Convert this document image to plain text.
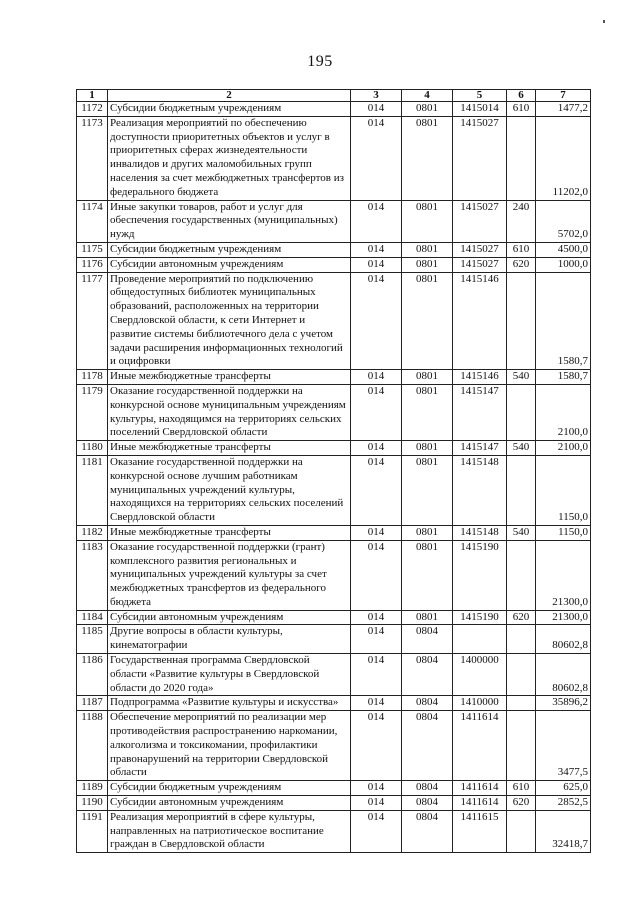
195
1	2	3	4	5	6	7
1172	Субсидии бюджетным учреждениям	014	0801	1415014	610	1477,2
1173	Реализация мероприятий по обеспечению доступности приоритетных объектов и услуг в приоритетных сферах жизнедеятельности инвалидов и других маломобильных групп населения за счет межбюджетных трансфертов из федерального бюджета	014	0801	1415027		11202,0
1174	Иные закупки товаров, работ и услуг для обеспечения государственных (муниципальных) нужд	014	0801	1415027	240	5702,0
1175	Субсидии бюджетным учреждениям	014	0801	1415027	610	4500,0
1176	Субсидии автономным учреждениям	014	0801	1415027	620	1000,0
1177	Проведение мероприятий по подключению общедоступных библиотек муниципальных образований, расположенных на территории Свердловской области, к сети Интернет и развитие системы библиотечного дела с учетом задачи расширения информационных технологий и оцифровки	014	0801	1415146		1580,7
1178	Иные межбюджетные трансферты	014	0801	1415146	540	1580,7
1179	Оказание государственной поддержки на конкурсной основе муниципальным учреждениям культуры, находящимся на территориях сельских поселений Свердловской области	014	0801	1415147		2100,0
1180	Иные межбюджетные трансферты	014	0801	1415147	540	2100,0
1181	Оказание государственной поддержки на конкурсной основе лучшим работникам муниципальных учреждений культуры, находящихся на территориях сельских поселений Свердловской области	014	0801	1415148		1150,0
1182	Иные межбюджетные трансферты	014	0801	1415148	540	1150,0
1183	Оказание государственной поддержки (грант) комплексного развития региональных и муниципальных учреждений культуры за счет межбюджетных трансфертов из федерального бюджета	014	0801	1415190		21300,0
1184	Субсидии автономным учреждениям	014	0801	1415190	620	21300,0
1185	Другие вопросы в области культуры, кинематографии	014	0804			80602,8
1186	Государственная программа Свердловской области «Развитие культуры в Свердловской области до 2020 года»	014	0804	1400000		80602,8
1187	Подпрограмма «Развитие культуры и искусства»	014	0804	1410000		35896,2
1188	Обеспечение мероприятий по реализации мер противодействия распространению наркомании, алкоголизма и токсикомании, профилактики правонарушений на территории Свердловской области	014	0804	1411614		3477,5
1189	Субсидии бюджетным учреждениям	014	0804	1411614	610	625,0
1190	Субсидии автономным учреждениям	014	0804	1411614	620	2852,5
1191	Реализация мероприятий в сфере культуры, направленных на патриотическое воспитание граждан в Свердловской области	014	0804	1411615		32418,7
